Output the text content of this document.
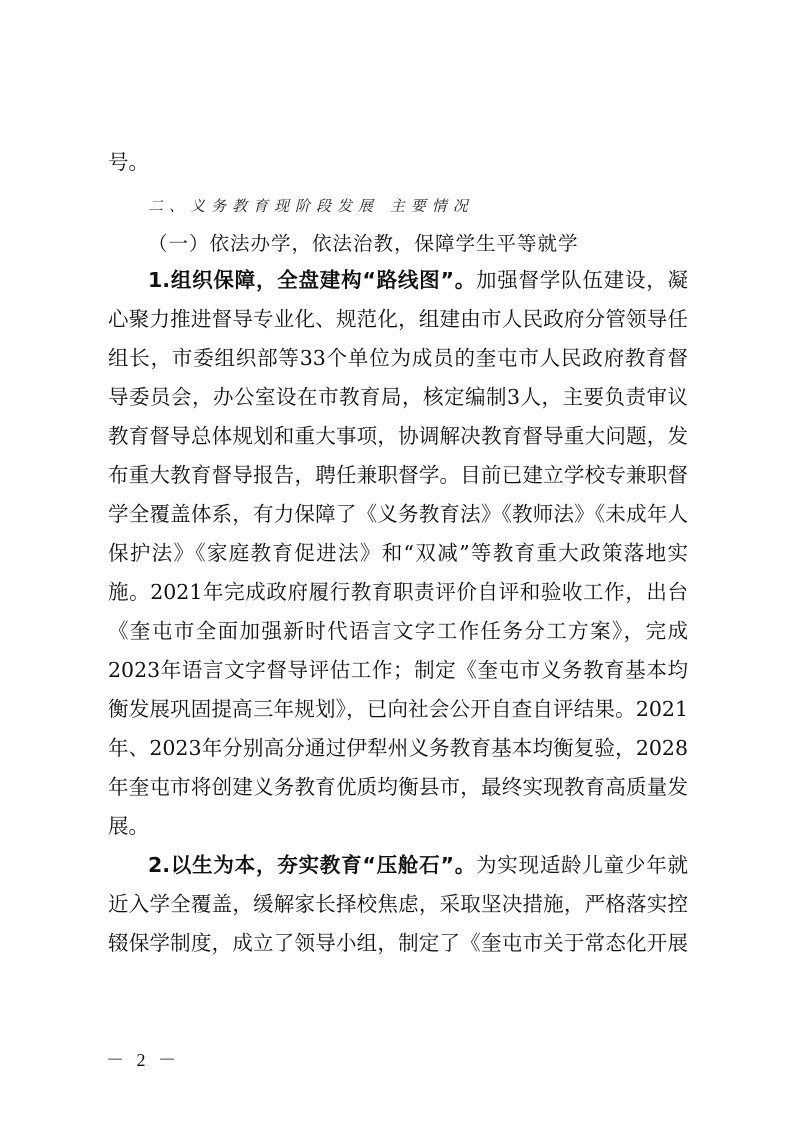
号。
二、义务教育现阶段发展 主要情况
（一）依法办学，依法治教，保障学生平等就学
1.组织保障，全盘建构“路线图”。加强督学队伍建设，凝
心聚力推进督导专业化、规范化，组建由市人民政府分管领导任
组长，市委组织部等33个单位为成员的奎屯市人民政府教育督
导委员会，办公室设在市教育局，核定编制3人，主要负责审议
教育督导总体规划和重大事项，协调解决教育督导重大问题，发
布重大教育督导报告，聘任兼职督学。目前已建立学校专兼职督
学全覆盖体系，有力保障了《义务教育法》《教师法》《未成年人
保护法》《家庭教育促进法》和“双减”等教育重大政策落地实
施。2021年完成政府履行教育职责评价自评和验收工作，出台
《奎屯市全面加强新时代语言文字工作任务分工方案》，完成
2023年语言文字督导评估工作；制定《奎屯市义务教育基本均
衡发展巩固提高三年规划》，已向社会公开自查自评结果。2021
年、2023年分别高分通过伊犁州义务教育基本均衡复验，2028
年奎屯市将创建义务教育优质均衡县市，最终实现教育高质量发
展。
2.以生为本，夯实教育“压舱石”。为实现适龄儿童少年就
近入学全覆盖，缓解家长择校焦虑，采取坚决措施，严格落实控
辍保学制度，成立了领导小组，制定了《奎屯市关于常态化开展
－ 2 －
